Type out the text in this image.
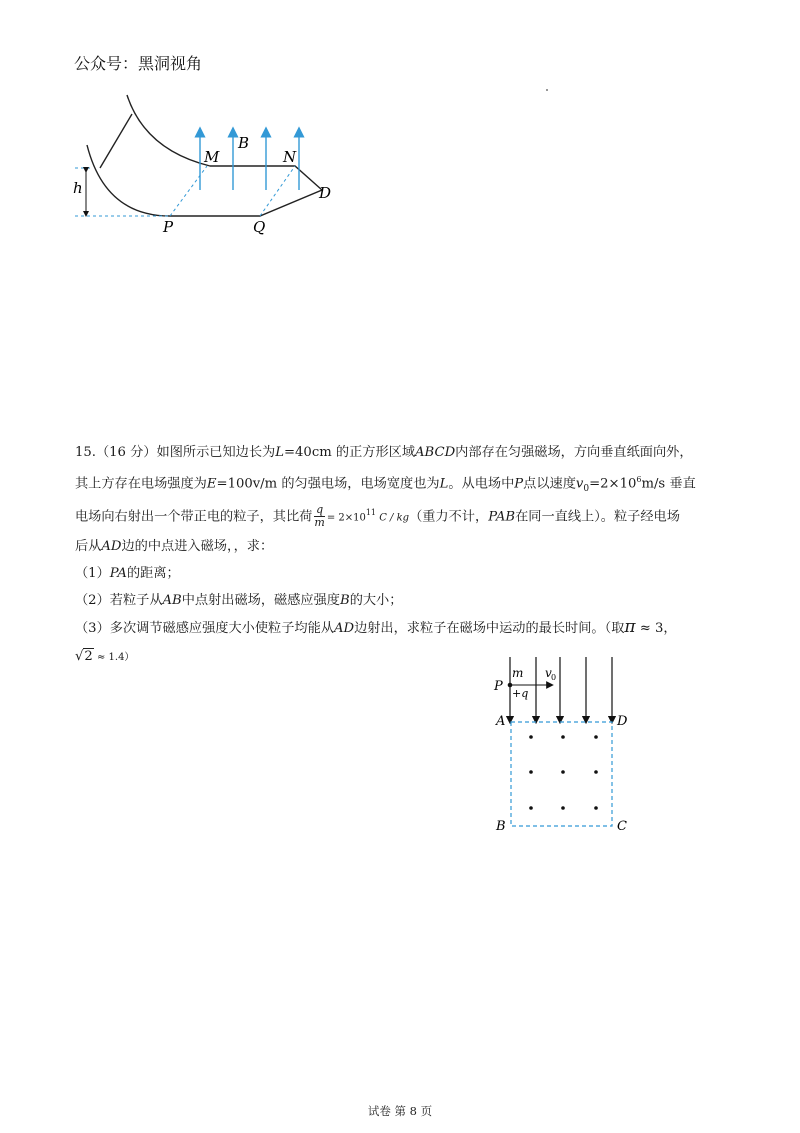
公众号：黑洞视角
M
B
N
h	D
P	Q
15.（16 分）如图所示已知边长为L=40cm 的正方形区域ABCD内部存在匀强磁场，方向垂直纸面向外，
其上方存在电场强度为E=100v/m 的匀强电场，电场宽度也为L。从电场中P点以速度$v_0=2\times 10^6m/s$ 垂直
电场向右射出一个带正电的粒子，其比荷 $\frac{q}{m} = 2\times 10^{11}$ C / kg（重力不计，PAB在同一直线上）。粒子经电场
后从AD边的中点进入磁场，，求：
（1）PA的距离；
（2）若粒子从AB中点射出磁场，磁感应强度B的大小；
（3）多次调节磁感应强度大小使粒子均能从AD边射出，求粒子在磁场中运动的最长时间。（取π ≈ 3，
√2 ≈ 1.4）
m v 0
P +q
A	D
B	C
试卷 第 8 页
